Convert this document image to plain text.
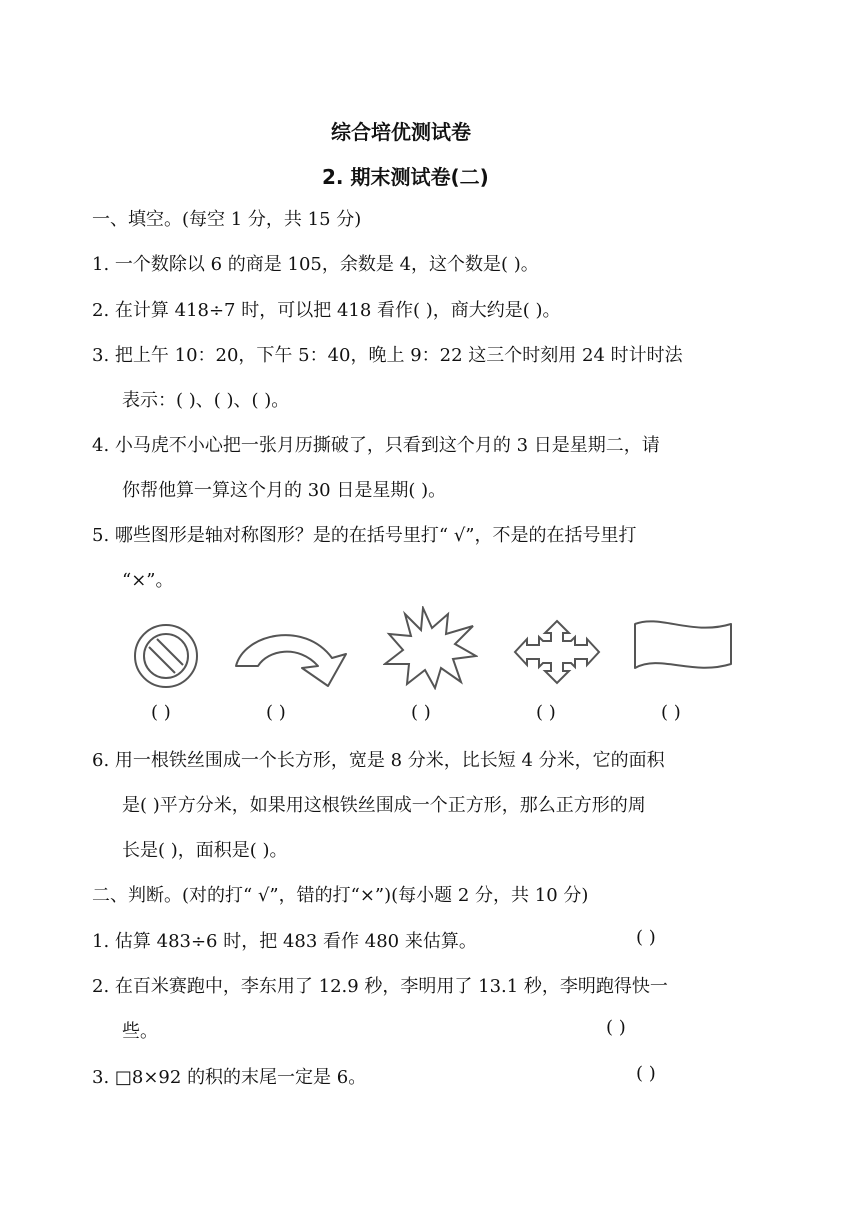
综合培优测试卷
2. 期末测试卷(二)
一、填空。(每空 1 分，共 15 分)
1. 一个数除以 6 的商是 105，余数是 4，这个数是( )。
2. 在计算 418÷7 时，可以把 418 看作( )，商大约是( )。
3. 把上午 10：20，下午 5：40，晚上 9：22 这三个时刻用 24 时计时法
表示：( )、( )、( )。
4. 小马虎不小心把一张月历撕破了，只看到这个月的 3 日是星期二，请
你帮他算一算这个月的 30 日是星期( )。
5. 哪些图形是轴对称图形？是的在括号里打“ √”，不是的在括号里打
“×”。
( )	( )	( )	( )	( )
6. 用一根铁丝围成一个长方形，宽是 8 分米，比长短 4 分米，它的面积
是( )平方分米，如果用这根铁丝围成一个正方形，那么正方形的周
长是( )，面积是( )。
二、判断。(对的打“ √”，错的打“×”)(每小题 2 分，共 10 分)
1. 估算 483÷6 时，把 483 看作 480 来估算。	( )
2. 在百米赛跑中，李东用了 12.9 秒，李明用了 13.1 秒，李明跑得快一
些。	( )
3. □8×92 的积的末尾一定是 6。	( )
